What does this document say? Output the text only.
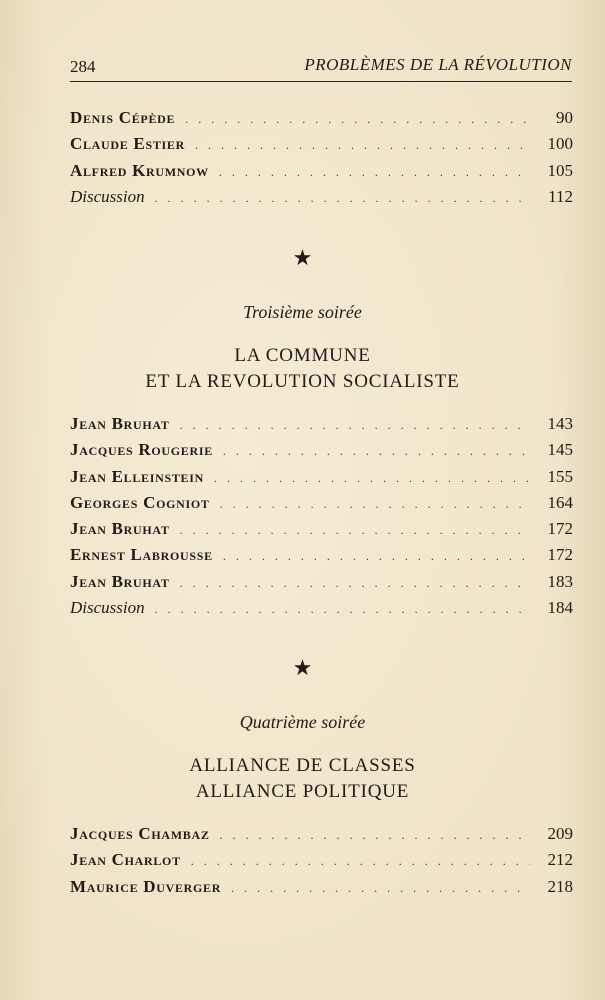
284	PROBLÈMES DE LA RÉVOLUTION
Denis Cépède . . .	90
Claude Estier . . .	100
Alfred Krumnow . . .	105
Discussion . . .	112
★
Troisième soirée
LA COMMUNE
ET LA REVOLUTION SOCIALISTE
Jean Bruhat . . .	143
Jacques Rougerie . . .	145
Jean Elleinstein . . .	155
Georges Cogniot . . .	164
Jean Bruhat . . .	172
Ernest Labrousse . . .	172
Jean Bruhat . . .	183
Discussion . . .	184
★
Quatrième soirée
ALLIANCE DE CLASSES
ALLIANCE POLITIQUE
Jacques Chambaz . . .	209
Jean Charlot . . .	212
Maurice Duverger . . .	218
